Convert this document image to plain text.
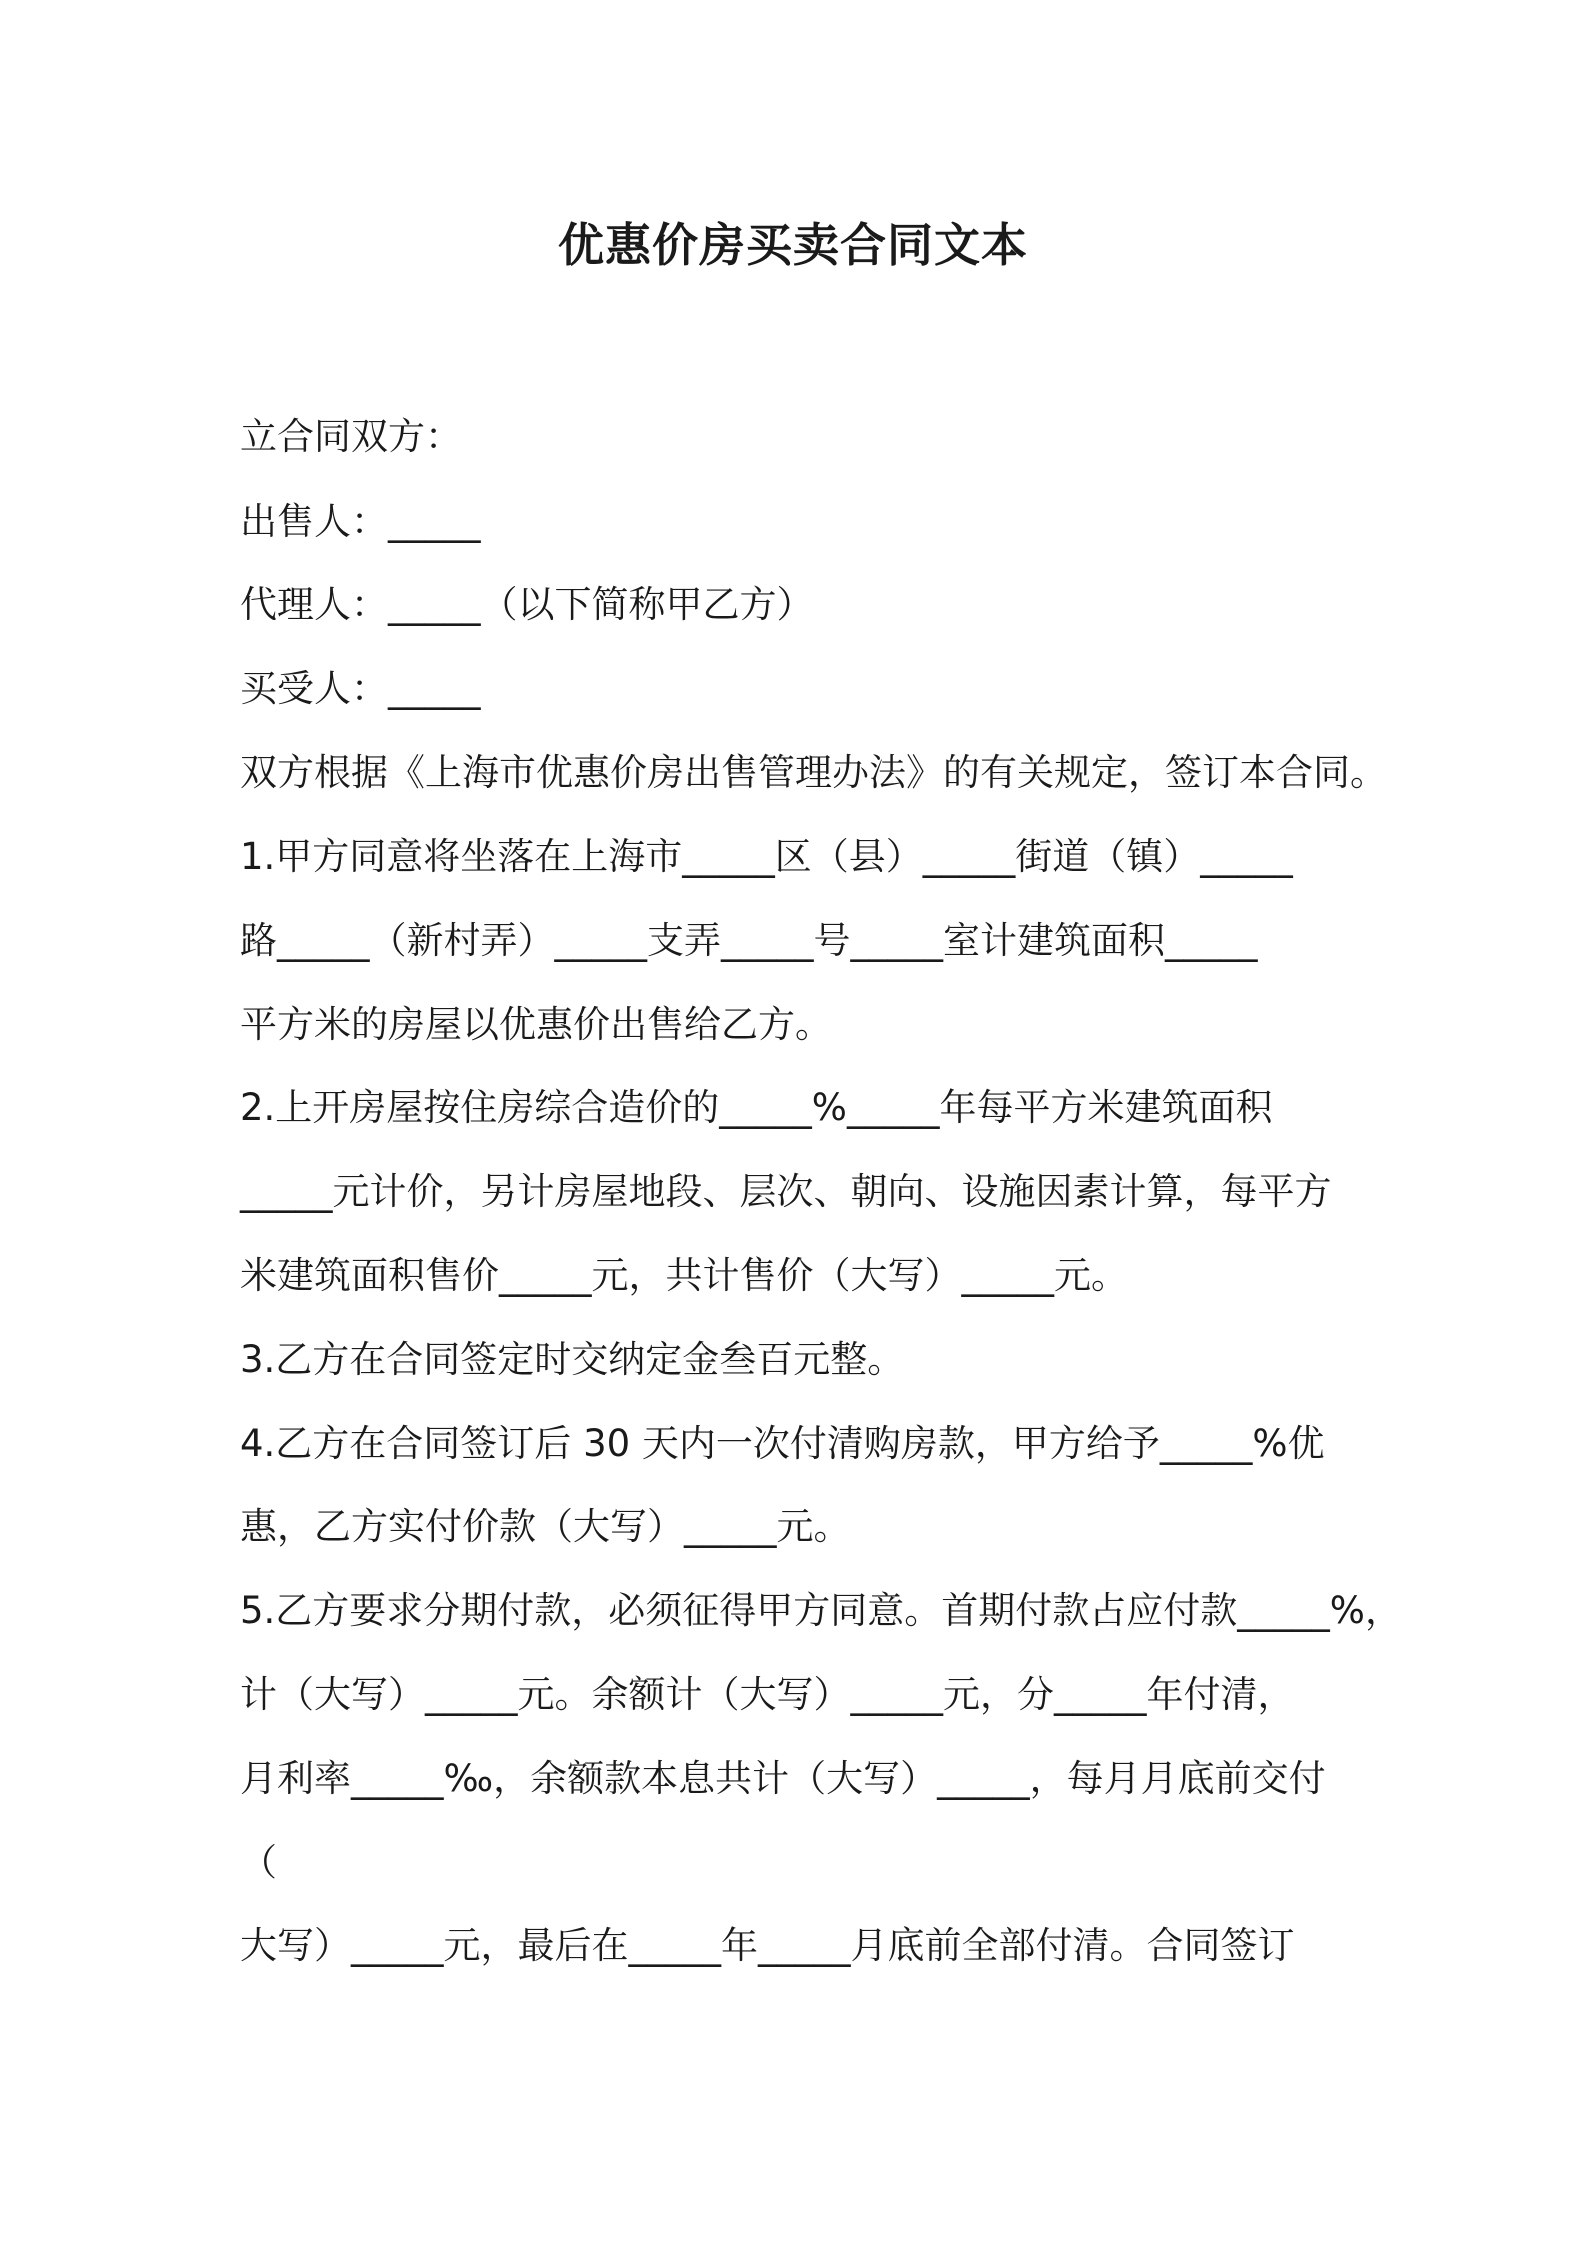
优惠价房买卖合同文本

立合同双方：

出售人：_____

代理人：_____（以下简称甲乙方）

买受人：_____

双方根据《上海市优惠价房出售管理办法》的有关规定，签订本合同。

1.甲方同意将坐落在上海市_____区（县）_____街道（镇）_____

路_____（新村弄）_____支弄_____号_____室计建筑面积_____

平方米的房屋以优惠价出售给乙方。

2.上开房屋按住房综合造价的_____%_____年每平方米建筑面积

_____元计价，另计房屋地段、层次、朝向、设施因素计算，每平方

米建筑面积售价_____元，共计售价（大写）_____元。

3.乙方在合同签定时交纳定金叁百元整。

4.乙方在合同签订后 30 天内一次付清购房款，甲方给予_____%优

惠，乙方实付价款（大写）_____元。

5.乙方要求分期付款，必须征得甲方同意。首期付款占应付款_____%，

计（大写）_____元。余额计（大写）_____元，分_____年付清，

月利率_____‰，余额款本息共计（大写）_____，每月月底前交付

（

大写）_____元，最后在_____年_____月底前全部付清。合同签订
